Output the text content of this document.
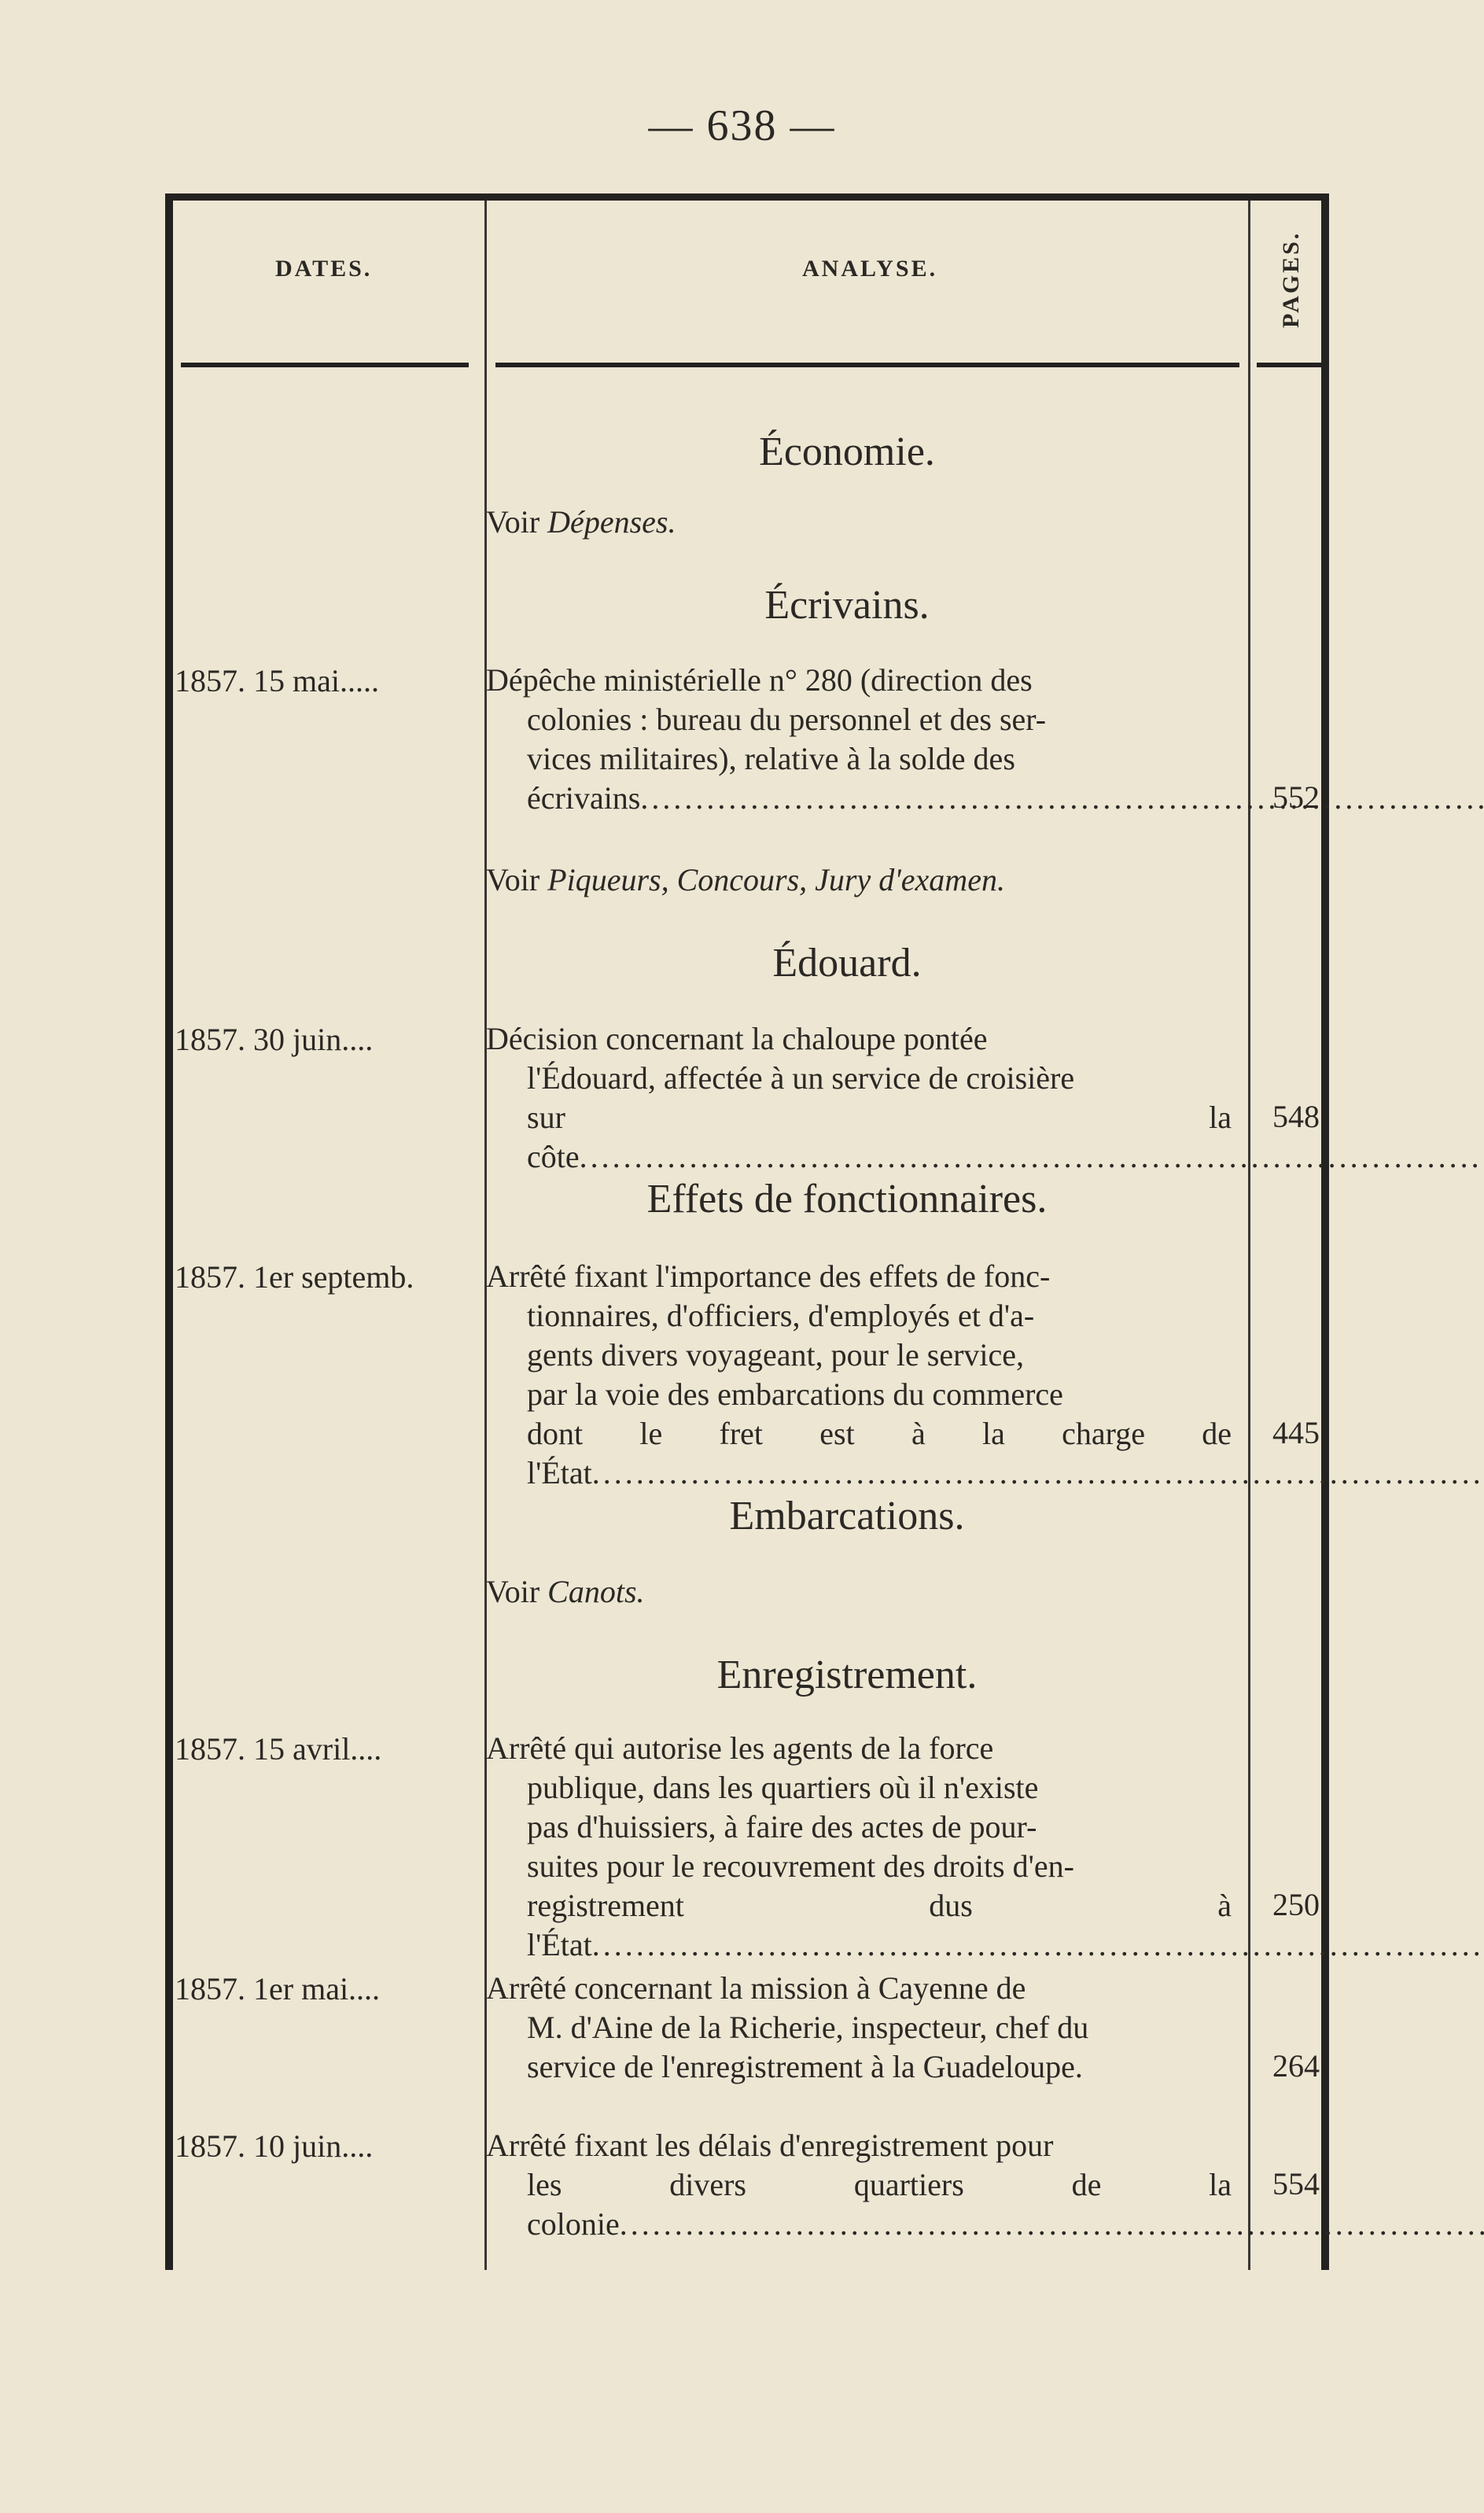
— 638 —
DATES.	ANALYSE.	PAGES.
Économie.
Voir Dépenses.
Écrivains.
1857. 15 mai.....	Dépêche ministérielle n° 280 (direction des
colonies : bureau du personnel et des ser-
vices militaires), relative à la solde des
écrivains.....	552
Voir Piqueurs, Concours, Jury d'examen.
Édouard.
1857. 30 juin....	Décision concernant la chaloupe pontée
l'Édouard, affectée à un service de croisière
sur la côte.....
548
Effets de fonctionnaires.
1857. 1er septemb. Arrêté fixant l'importance des effets de fonc-
tionnaires, d'officiers, d'employés et d'a-
gents divers voyageant, pour le service,
par la voie des embarcations du commerce
dont le fret est à la charge de l'État.....
445
Embarcations.
Voir Canots.
Enregistrement.
1857. 15 avril....	Arrêté qui autorise les agents de la force
publique, dans les quartiers où il n'existe
pas d'huissiers, à faire des actes de pour-
suites pour le recouvrement des droits d'en-
registrement dus à l'État.....
250
1857. 1er mai....	Arrêté concernant la mission à Cayenne de
M. d'Aine de la Richerie, inspecteur, chef du
service de l'enregistrement à la Guadeloupe.	264
1857. 10 juin....	Arrêté fixant les délais d'enregistrement pour
les divers quartiers de la colonie.....
554
